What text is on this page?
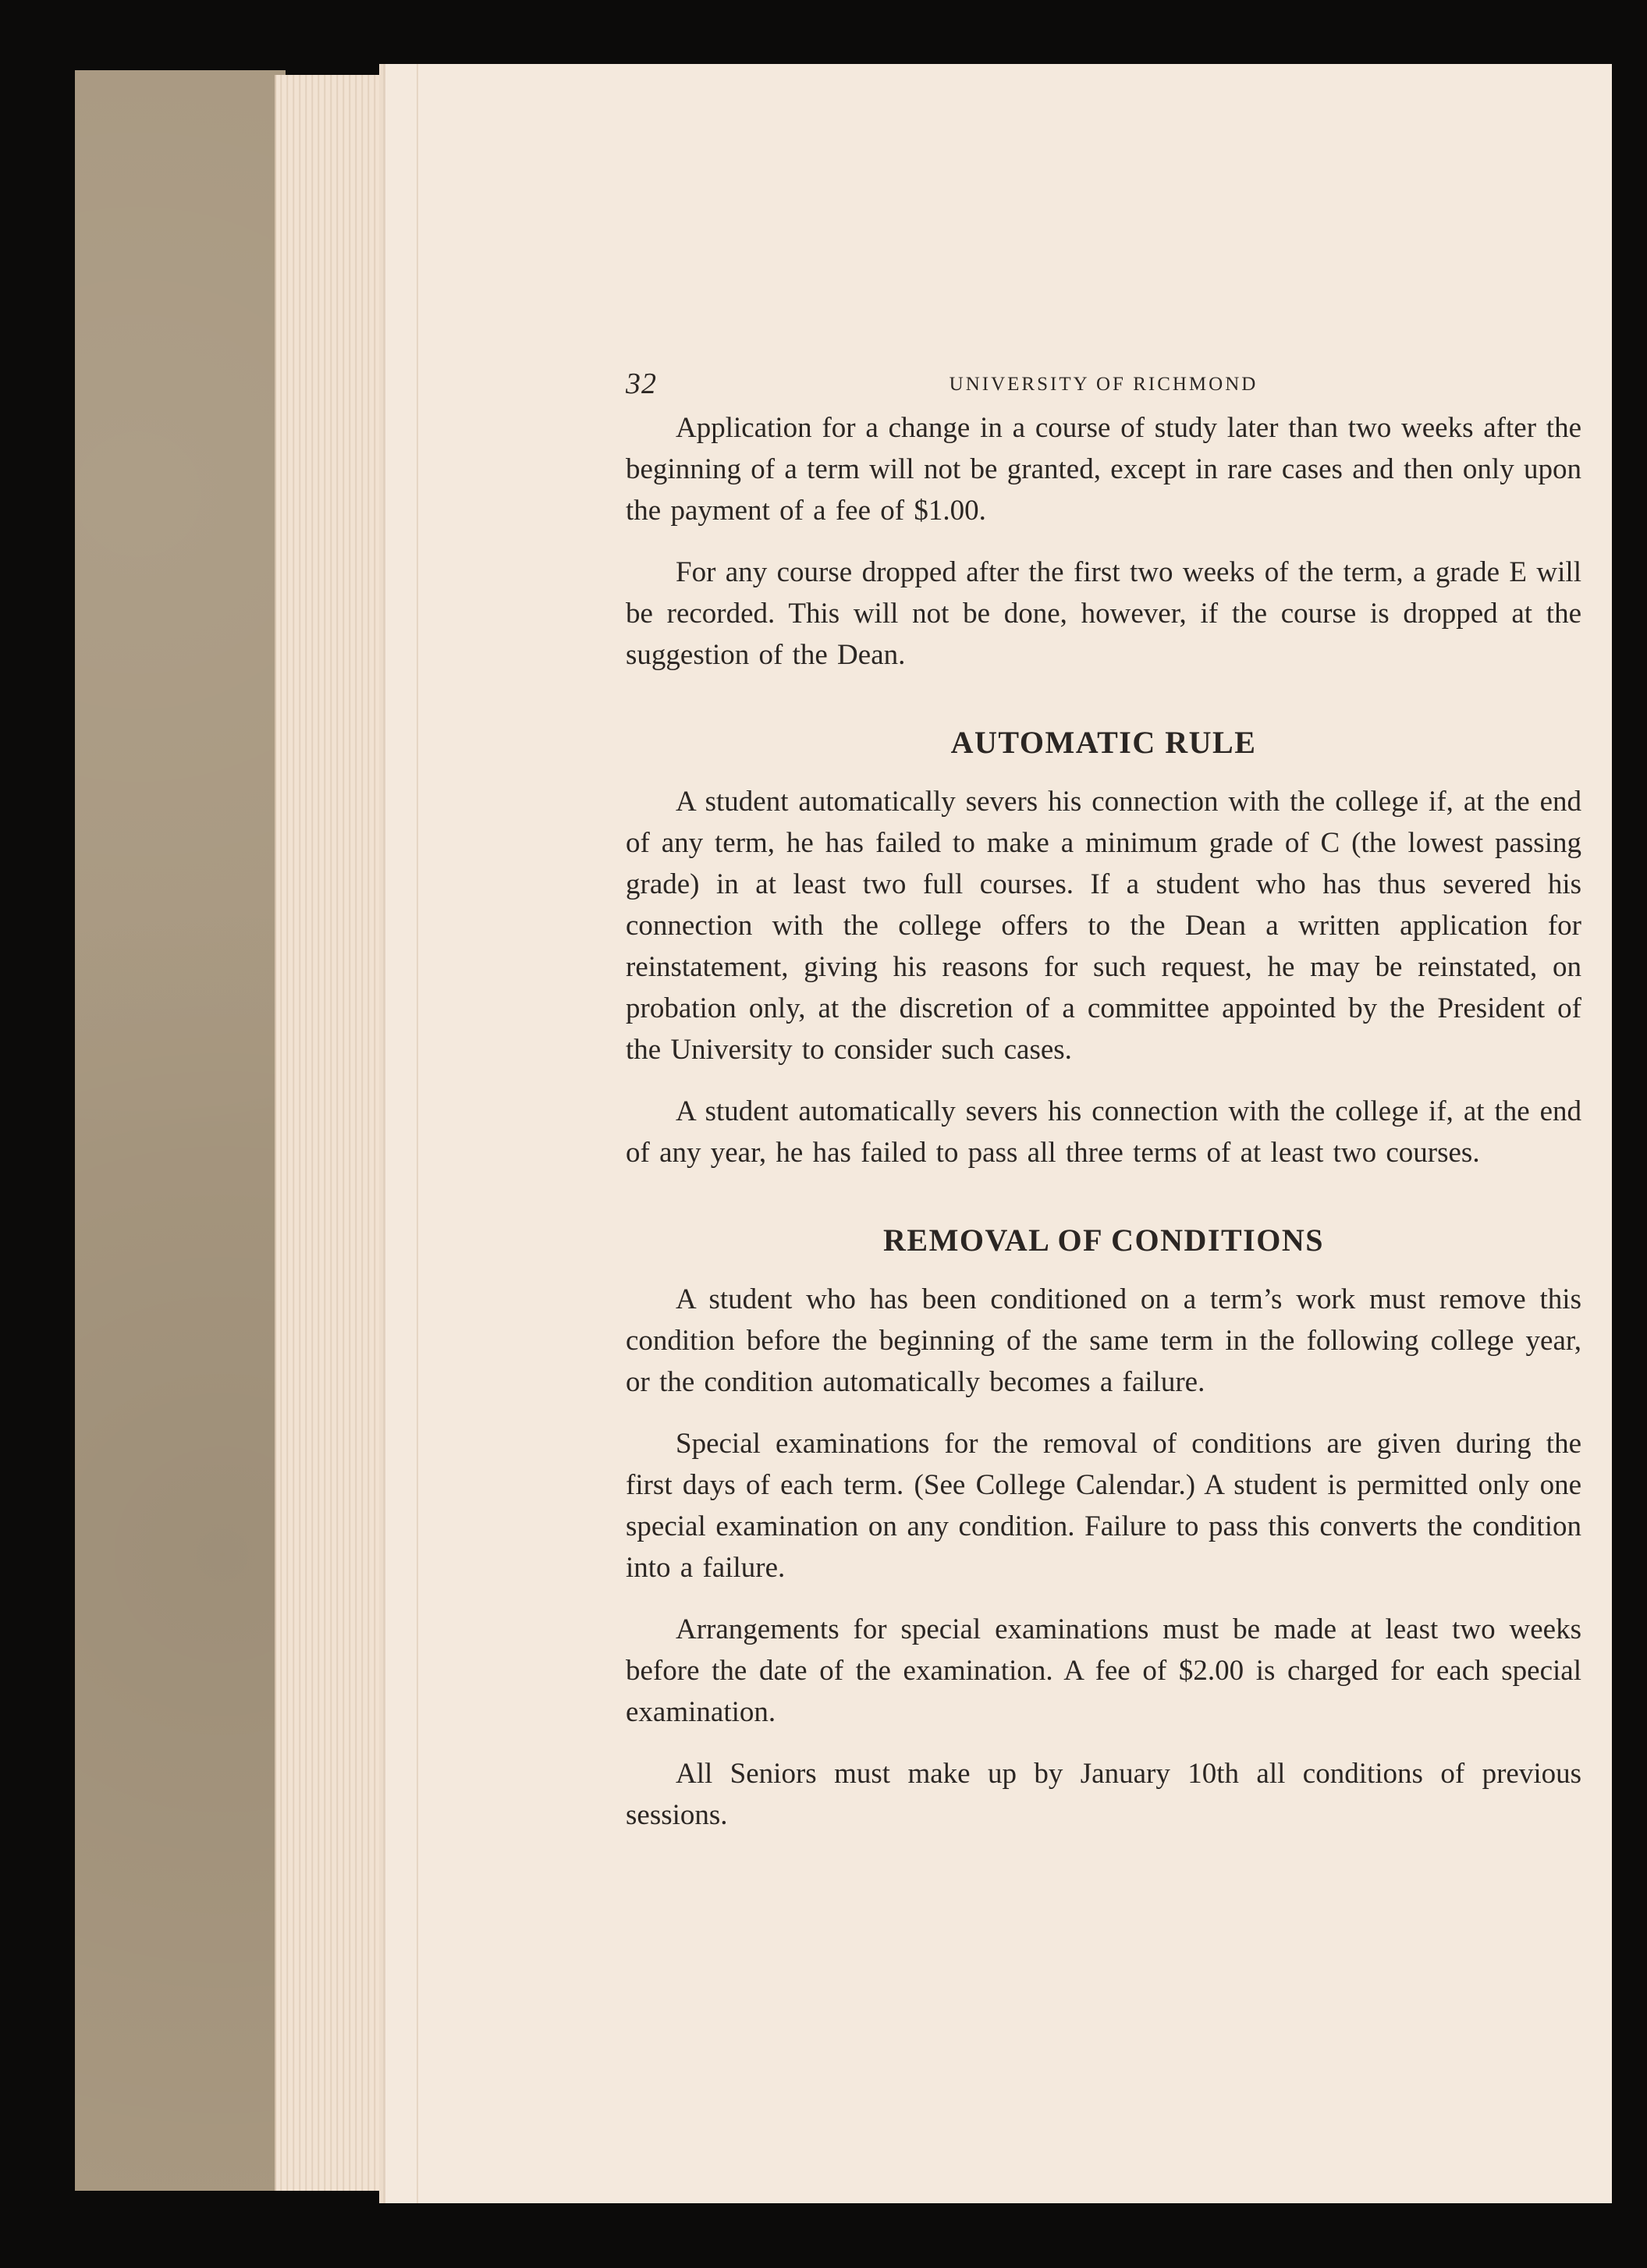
32	UNIVERSITY OF RICHMOND

Application for a change in a course of study later than two weeks after the beginning of a term will not be granted, except in rare cases and then only upon the payment of a fee of $1.00.

For any course dropped after the first two weeks of the term, a grade E will be recorded. This will not be done, however, if the course is dropped at the suggestion of the Dean.

AUTOMATIC RULE

A student automatically severs his connection with the college if, at the end of any term, he has failed to make a minimum grade of C (the lowest passing grade) in at least two full courses. If a student who has thus severed his connection with the college offers to the Dean a written application for reinstatement, giving his reasons for such request, he may be reinstated, on probation only, at the discretion of a committee appointed by the President of the University to consider such cases.

A student automatically severs his connection with the college if, at the end of any year, he has failed to pass all three terms of at least two courses.

REMOVAL OF CONDITIONS

A student who has been conditioned on a term’s work must remove this condition before the beginning of the same term in the following college year, or the condition automatically becomes a failure.

Special examinations for the removal of conditions are given during the first days of each term. (See College Calendar.) A student is permitted only one special examination on any condition. Failure to pass this converts the condition into a failure.

Arrangements for special examinations must be made at least two weeks before the date of the examination. A fee of $2.00 is charged for each special examination.

All Seniors must make up by January 10th all conditions of previous sessions.
